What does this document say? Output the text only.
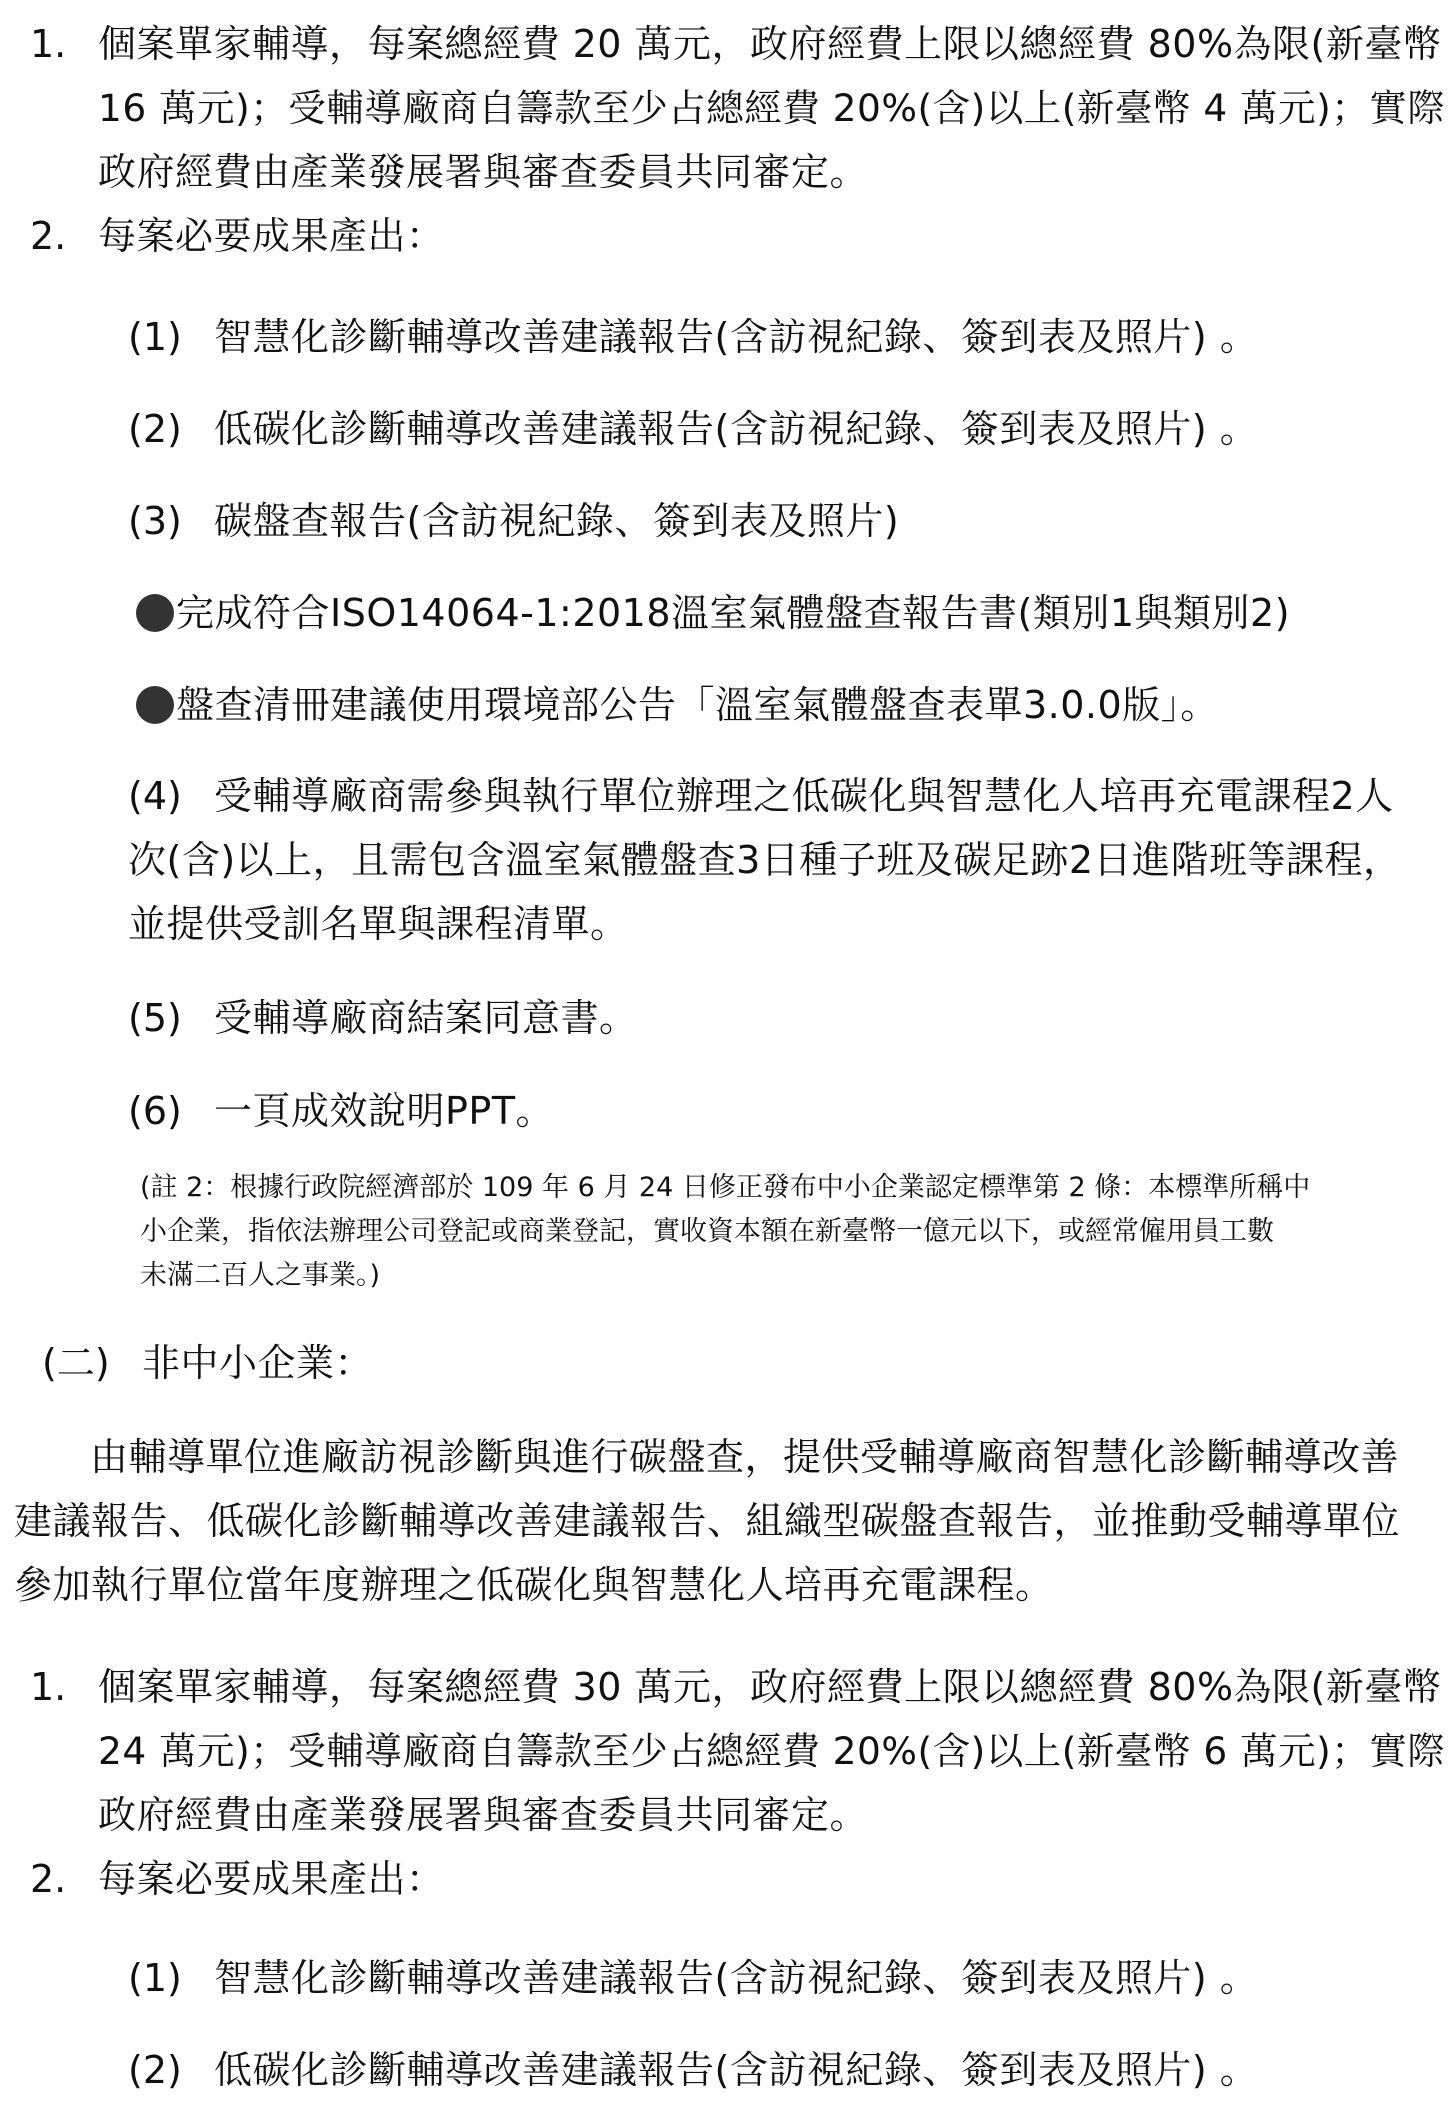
1. 個案單家輔導，每案總經費 20 萬元，政府經費上限以總經費 80%為限(新臺幣
16 萬元)；受輔導廠商自籌款至少占總經費 20%(含)以上(新臺幣 4 萬元)；實際
政府經費由產業發展署與審查委員共同審定。
2. 每案必要成果產出：
(1) 智慧化診斷輔導改善建議報告(含訪視紀錄、簽到表及照片) 。
(2) 低碳化診斷輔導改善建議報告(含訪視紀錄、簽到表及照片) 。
(3) 碳盤查報告(含訪視紀錄、簽到表及照片)
完成符合ISO14064-1:2018溫室氣體盤查報告書(類別1與類別2)
盤查清冊建議使用環境部公告「溫室氣體盤查表單3.0.0版」。
(4) 受輔導廠商需參與執行單位辦理之低碳化與智慧化人培再充電課程2人
次(含)以上，且需包含溫室氣體盤查3日種子班及碳足跡2日進階班等課程，
並提供受訓名單與課程清單。
(5) 受輔導廠商結案同意書。
(6) 一頁成效說明PPT。
(註 2：根據行政院經濟部於 109 年 6 月 24 日修正發布中小企業認定標準第 2 條：本標準所稱中
小企業，指依法辦理公司登記或商業登記，實收資本額在新臺幣一億元以下，或經常僱用員工數
未滿二百人之事業。)
(二) 非中小企業：
由輔導單位進廠訪視診斷與進行碳盤查，提供受輔導廠商智慧化診斷輔導改善
建議報告、低碳化診斷輔導改善建議報告、組織型碳盤查報告，並推動受輔導單位
參加執行單位當年度辦理之低碳化與智慧化人培再充電課程。
1. 個案單家輔導，每案總經費 30 萬元，政府經費上限以總經費 80%為限(新臺幣
24 萬元)；受輔導廠商自籌款至少占總經費 20%(含)以上(新臺幣 6 萬元)；實際
政府經費由產業發展署與審查委員共同審定。
2. 每案必要成果產出：
(1) 智慧化診斷輔導改善建議報告(含訪視紀錄、簽到表及照片) 。
(2) 低碳化診斷輔導改善建議報告(含訪視紀錄、簽到表及照片) 。
